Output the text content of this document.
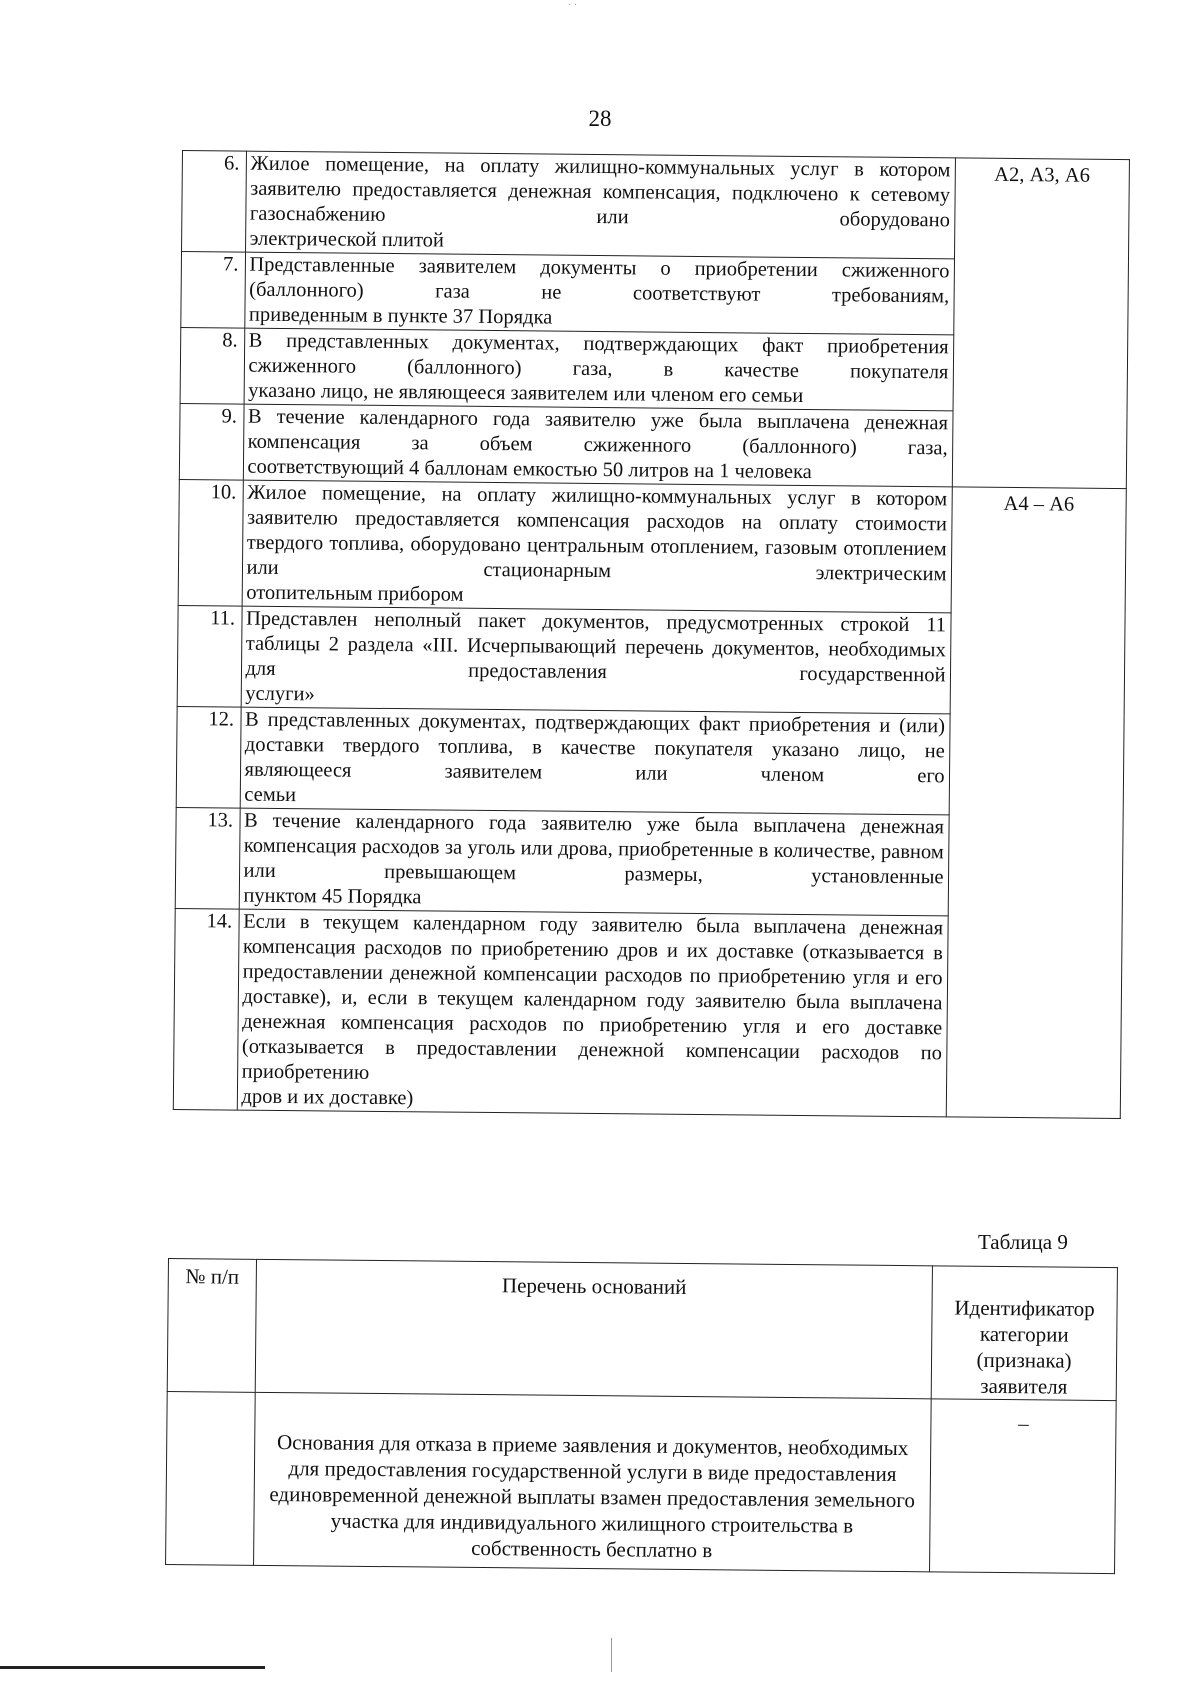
· ·
28
6.	Жилое помещение, на оплату жилищно-коммунальных услуг в котором заявителю предоставляется денежная компенсация, подключено к сетевому газоснабжению или оборудовано
электрической плитой	А2, А3, А6
7.	Представленные заявителем документы о приобретении сжиженного (баллонного) газа не соответствуют требованиям,
приведенным в пункте 37 Порядка	

8.	В представленных документах, подтверждающих факт приобретения сжиженного (баллонного) газа, в качестве покупателя
указано лицо, не являющееся заявителем или членом его семьи	

9.	В течение календарного года заявителю уже была выплачена денежная компенсация за объем сжиженного (баллонного) газа,
соответствующий 4 баллонам емкостью 50 литров на 1 человека	

10.	Жилое помещение, на оплату жилищно-коммунальных услуг в котором заявителю предоставляется компенсация расходов на оплату стоимости твердого топлива, оборудовано центральным отоплением, газовым отоплением или стационарным электрическим
отопительным прибором	А4 – А6
11.	Представлен неполный пакет документов, предусмотренных строкой 11 таблицы 2 раздела «III. Исчерпывающий перечень документов, необходимых для предоставления государственной
услуги»	

12.	В представленных документах, подтверждающих факт приобретения и (или) доставки твердого топлива, в качестве покупателя указано лицо, не являющееся заявителем или членом его
семьи	

13.	В течение календарного года заявителю уже была выплачена денежная компенсация расходов за уголь или дрова, приобретенные в количестве, равном или превышающем размеры, установленные
пунктом 45 Порядка	

14.	Если в текущем календарном году заявителю была выплачена денежная компенсация расходов по приобретению дров и их доставке (отказывается в предоставлении денежной компенсации расходов по приобретению угля и его доставке), и, если в текущем календарном году заявителю была выплачена денежная компенсация расходов по приобретению угля и его доставке (отказывается в предоставлении денежной компенсации расходов по приобретению
дров и их доставке)	
Таблица 9
№ п/п	Перечень оснований	Идентификатор категории (признака) заявителя
	Основания для отказа в приеме заявления и документов, необходимых для предоставления государственной услуги в виде предоставления единовременной денежной выплаты взамен предоставления земельного участка для индивидуального жилищного строительства в собственность бесплатно в	–
